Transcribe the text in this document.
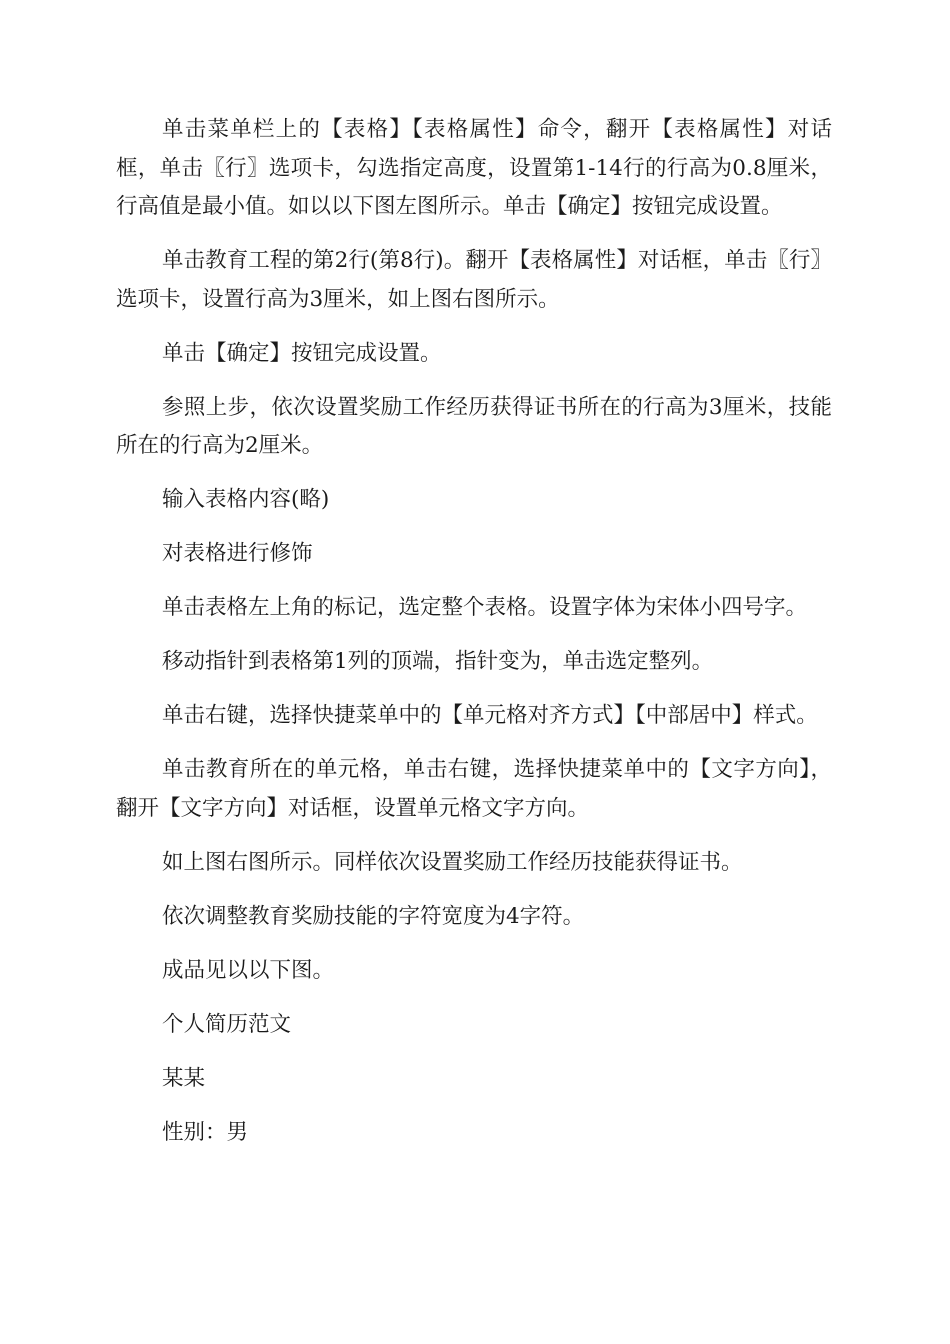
单击菜单栏上的【表格】【表格属性】命令，翻开【表格属性】对话框，单击〖行〗选项卡，勾选指定高度，设置第1-14行的行高为0.8厘米，行高值是最小值。如以以下图左图所示。单击【确定】按钮完成设置。

单击教育工程的第2行(第8行)。翻开【表格属性】对话框，单击〖行〗选项卡，设置行高为3厘米，如上图右图所示。

单击【确定】按钮完成设置。

参照上步，依次设置奖励工作经历获得证书所在的行高为3厘米，技能所在的行高为2厘米。

输入表格内容(略)

对表格进行修饰

单击表格左上角的标记，选定整个表格。设置字体为宋体小四号字。

移动指针到表格第1列的顶端，指针变为，单击选定整列。

单击右键，选择快捷菜单中的【单元格对齐方式】【中部居中】样式。

单击教育所在的单元格，单击右键，选择快捷菜单中的【文字方向】，翻开【文字方向】对话框，设置单元格文字方向。

如上图右图所示。同样依次设置奖励工作经历技能获得证书。

依次调整教育奖励技能的字符宽度为4字符。

成品见以以下图。

个人简历范文

某某

性别：男
